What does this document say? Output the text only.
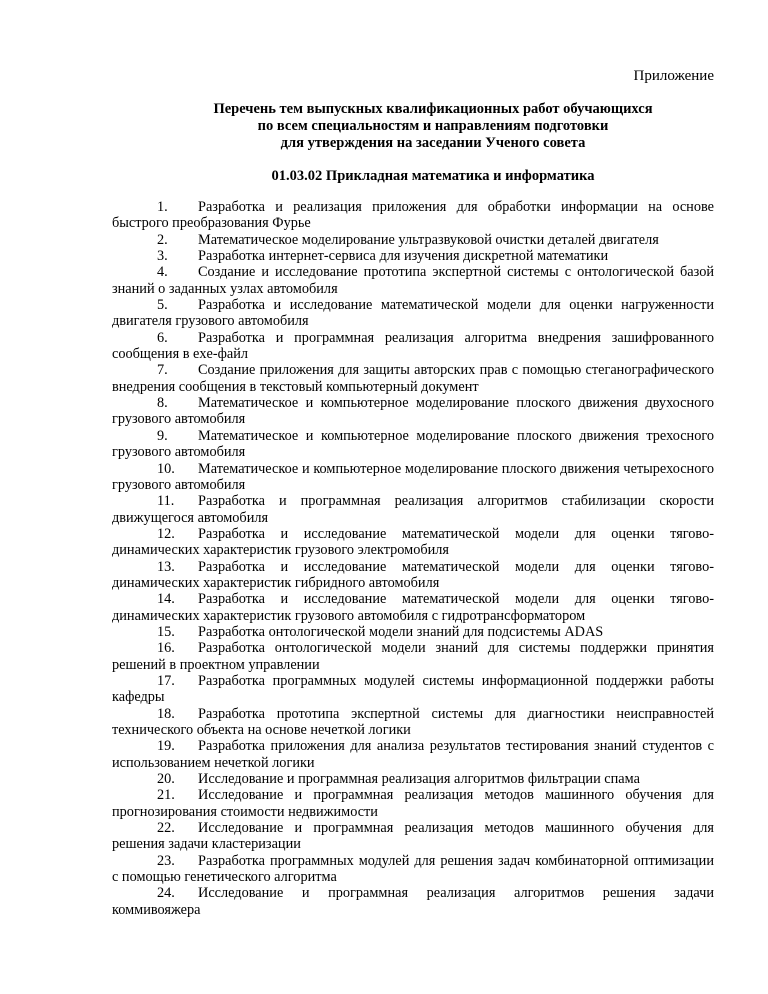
Приложение
Перечень тем выпускных квалификационных работ обучающихся
по всем специальностям и направлениям подготовки
для утверждения на заседании Ученого совета
01.03.02 Прикладная математика и информатика
1. Разработка и реализация приложения для обработки информации на основе быстрого преобразования Фурье
2. Математическое моделирование ультразвуковой очистки деталей двигателя
3. Разработка интернет-сервиса для изучения дискретной математики
4. Создание и исследование прототипа экспертной системы с онтологической базой знаний о заданных узлах автомобиля
5. Разработка и исследование математической модели для оценки нагруженности двигателя грузового автомобиля
6. Разработка и программная реализация алгоритма внедрения зашифрованного сообщения в exe-файл
7. Создание приложения для защиты авторских прав с помощью стеганографического внедрения сообщения в текстовый компьютерный документ
8. Математическое и компьютерное моделирование плоского движения двухосного грузового автомобиля
9. Математическое и компьютерное моделирование плоского движения трехосного грузового автомобиля
10. Математическое и компьютерное моделирование плоского движения четырехосного грузового автомобиля
11. Разработка и программная реализация алгоритмов стабилизации скорости движущегося автомобиля
12. Разработка и исследование математической модели для оценки тягово-динамических характеристик грузового электромобиля
13. Разработка и исследование математической модели для оценки тягово-динамических характеристик гибридного автомобиля
14. Разработка и исследование математической модели для оценки тягово-динамических характеристик грузового автомобиля с гидротрансформатором
15. Разработка онтологической модели знаний для подсистемы ADAS
16. Разработка онтологической модели знаний для системы поддержки принятия решений в проектном управлении
17. Разработка программных модулей системы информационной поддержки работы кафедры
18. Разработка прототипа экспертной системы для диагностики неисправностей технического объекта на основе нечеткой логики
19. Разработка приложения для анализа результатов тестирования знаний студентов с использованием нечеткой логики
20. Исследование и программная реализация алгоритмов фильтрации спама
21. Исследование и программная реализация методов машинного обучения для прогнозирования стоимости недвижимости
22. Исследование и программная реализация методов машинного обучения для решения задачи кластеризации
23. Разработка программных модулей для решения задач комбинаторной оптимизации с помощью генетического алгоритма
24. Исследование и программная реализация алгоритмов решения задачи коммивояжера
